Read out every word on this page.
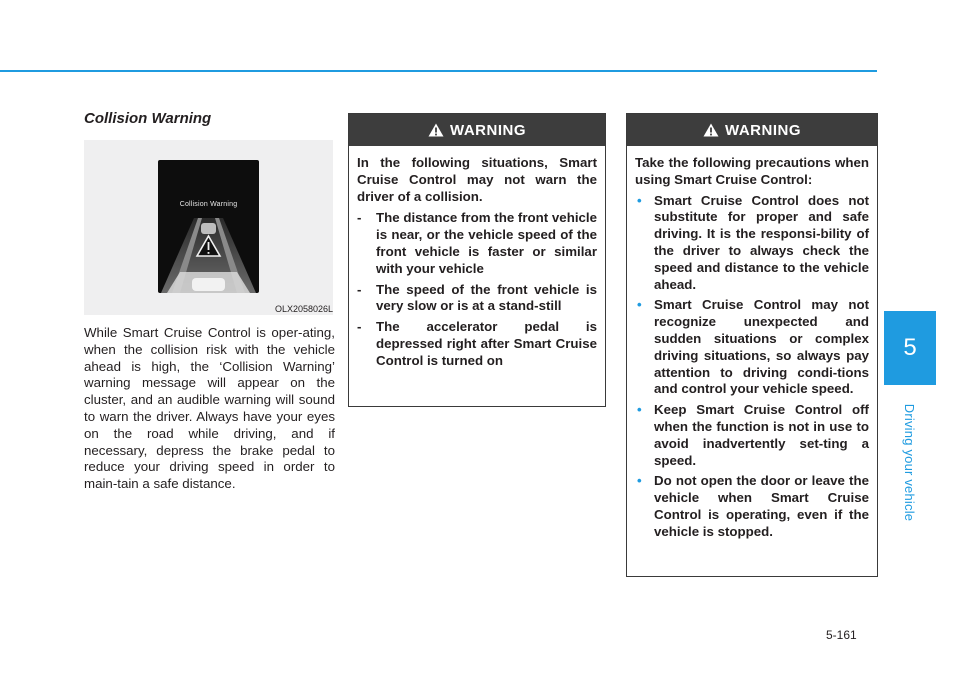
Collision Warning
Collision Warning
OLX2058026L

While Smart Cruise Control is oper-ating, when the collision risk with the vehicle ahead is high, the ‘Collision Warning’ warning message will appear on the cluster, and an audible warning will sound to warn the driver. Always have your eyes on the road while driving, and if necessary, depress the brake pedal to reduce your driving speed in order to main-tain a safe distance.

WARNING

In the following situations, Smart Cruise Control may not warn the driver of a collision.

- The distance from the front vehicle is near, or the vehicle speed of the front vehicle is faster or similar with your vehicle
- The speed of the front vehicle is very slow or is at a stand-still
- The accelerator pedal is depressed right after Smart Cruise Control is turned on
WARNING

Take the following precautions when using Smart Cruise Control:

• Smart Cruise Control does not substitute for proper and safe driving. It is the responsi-bility of the driver to always check the speed and distance to the vehicle ahead.
• Smart Cruise Control may not recognize unexpected and sudden situations or complex driving situations, so always pay attention to driving condi-tions and control your vehicle speed.
• Keep Smart Cruise Control off when the function is not in use to avoid inadvertently set-ting a speed.
• Do not open the door or leave the vehicle when Smart Cruise Control is operating, even if the vehicle is stopped.
5
Driving your vehicle
5-161
